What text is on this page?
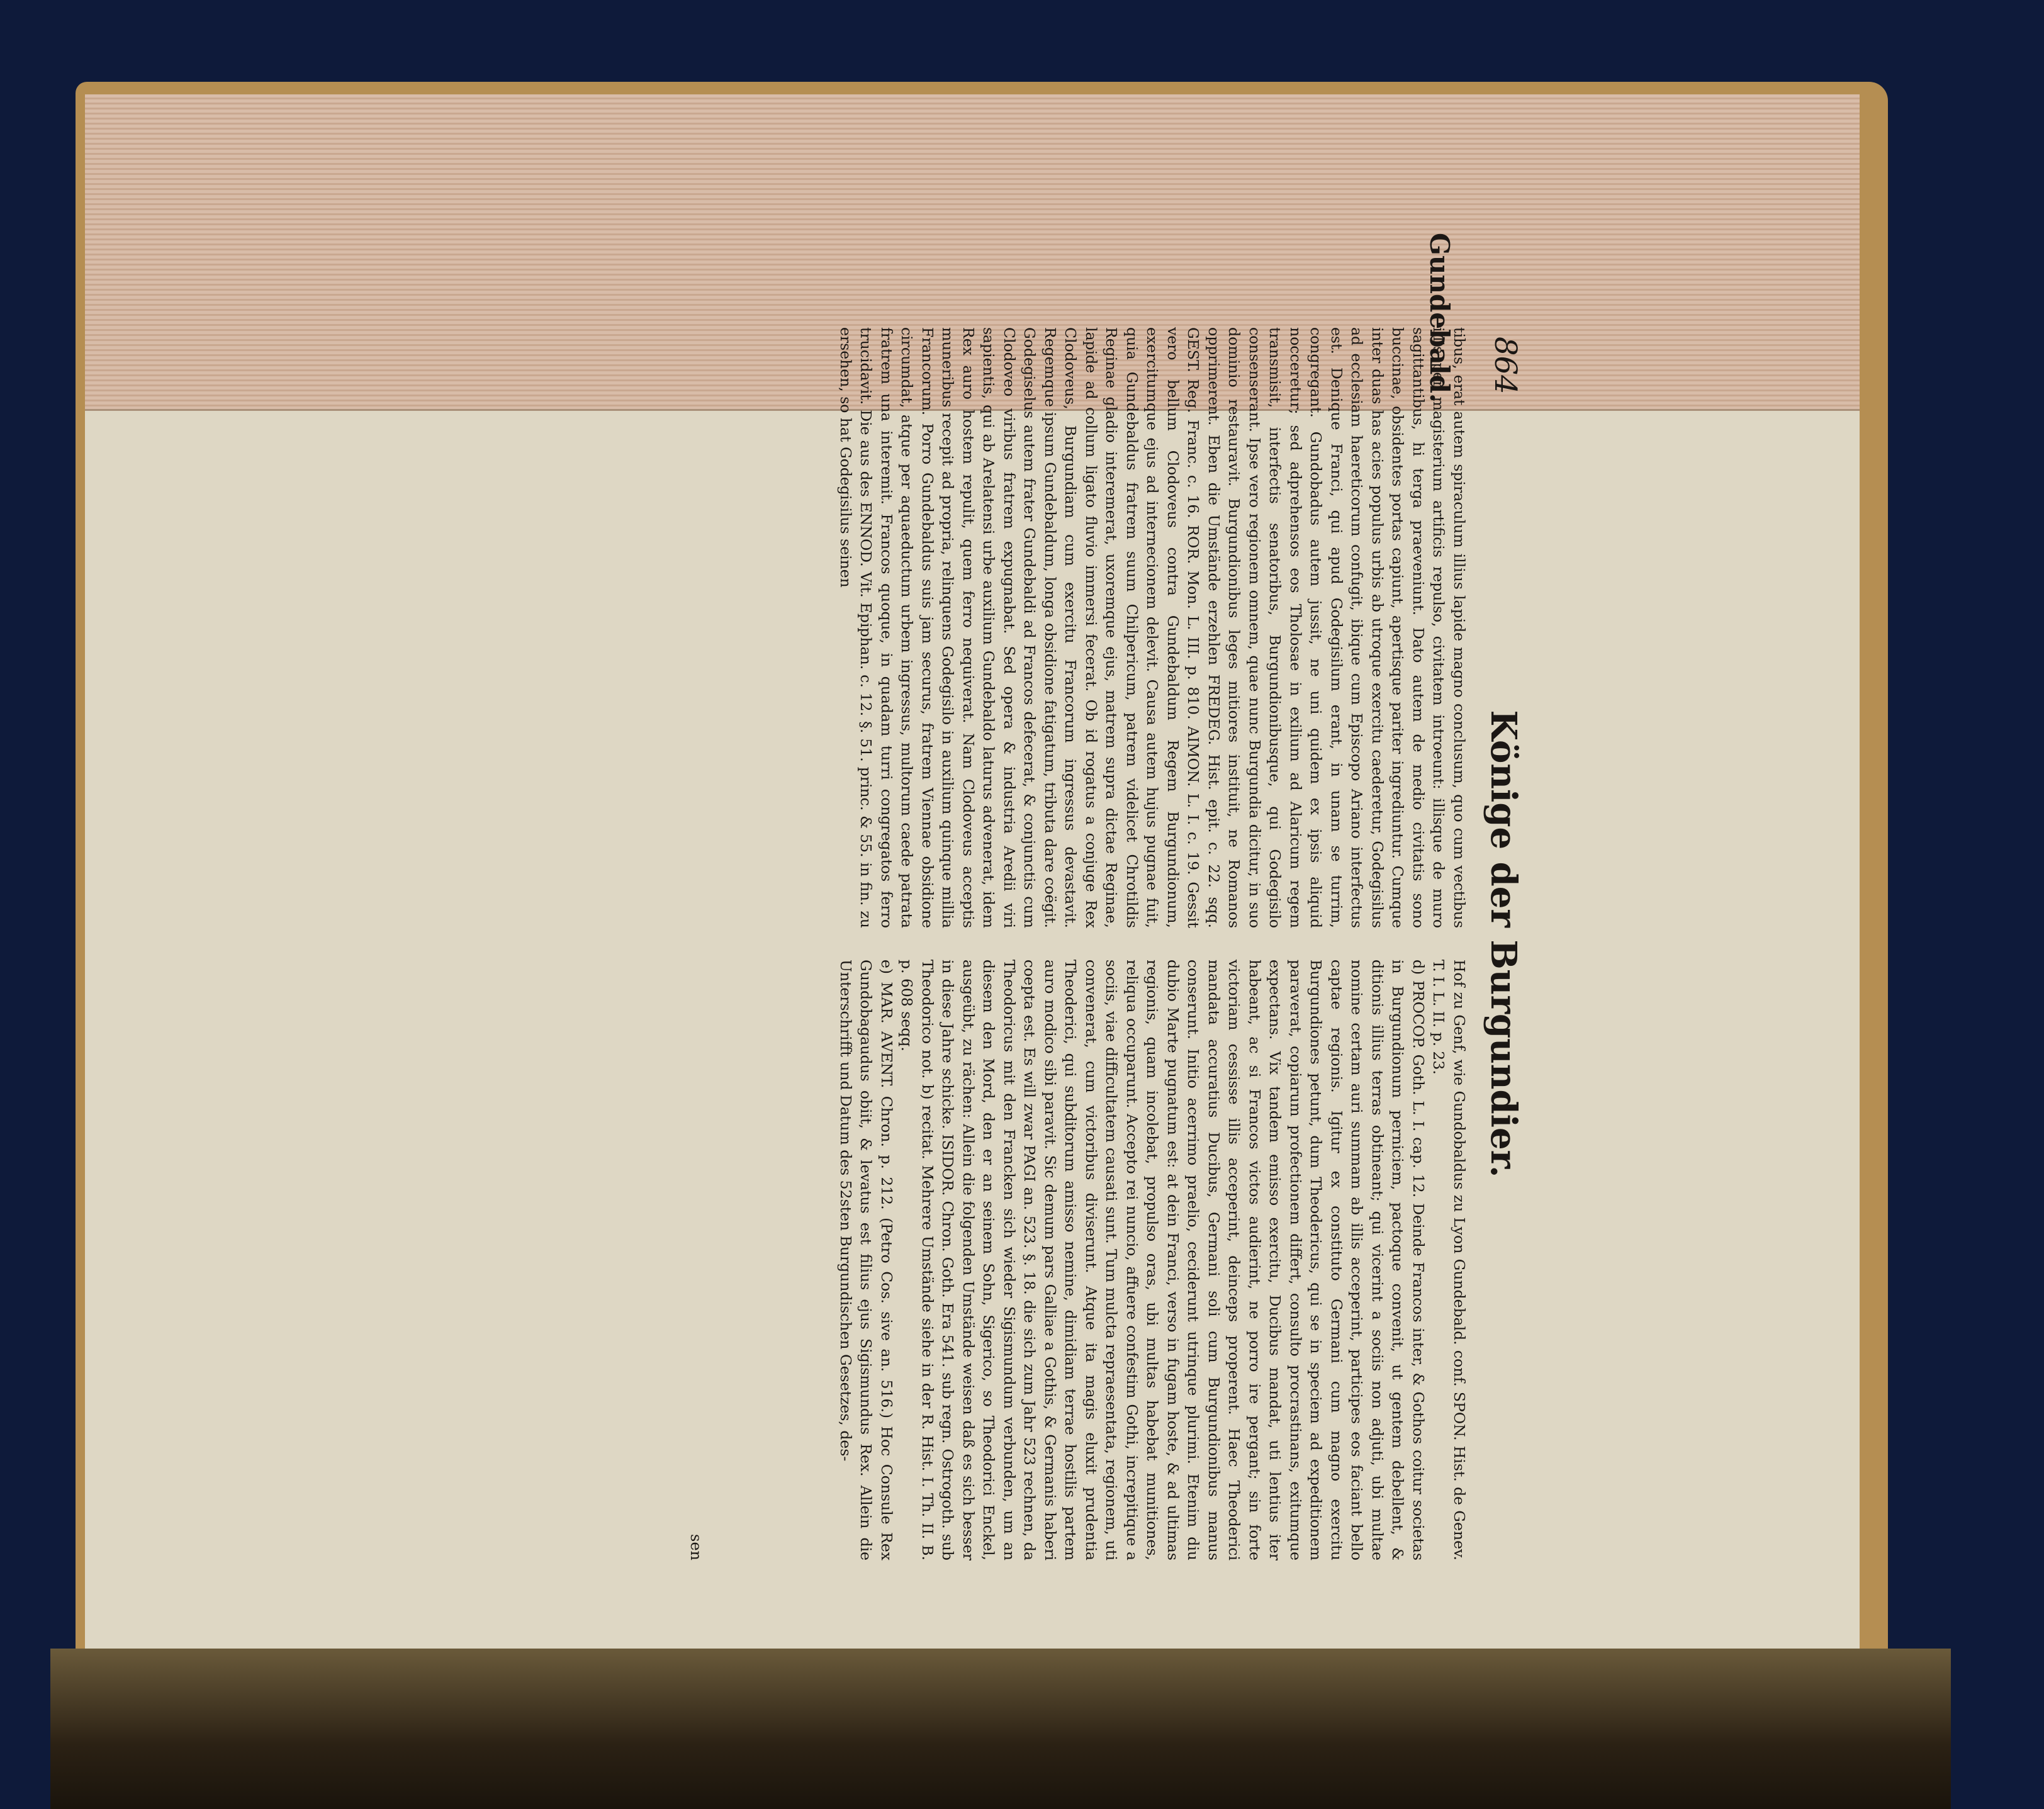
864
Könige der Burgundier.
Gundebald.

tibus, erat autem spiraculum illius lapide magno conclusum, quo cum vectibus illis per magisterium artificis repulso, civitatem introeunt: illisque de muro sagittantibus, hi terga praeveniunt. Dato autem de medio civitatis sono buccinae, obsidentes portas capiunt, apertisque pariter ingrediuntur. Cumque inter duas has acies populus urbis ab utroque exercitu caederetur, Godegisilus ad ecclesiam haereticorum confugit, ibique cum Episcopo Ariano interfectus est. Denique Franci, qui apud Godegisilum erant, in unam se turrim, congregant. Gundobadus autem jussit, ne uni quidem ex ipsis aliquid nocceretur; sed adprehensos eos Tholosae in exilium ad Alaricum regem transmisit, interfectis senatoribus, Burgundionibusque, qui Godegisilo consenserant. Ipse vero regionem omnem, quae nunc Burgundia dicitur, in suo dominio restauravit. Burgundionibus leges mitiores instituit, ne Romanos opprimerent. Eben die Umstände erzehlen FREDEG. Hist. epit. c. 22. sqq. GEST. Reg. Franc. c. 16. ROR. Mon. L. III. p. 810. AIMON. L. I. c. 19. Gessit vero bellum Clodoveus contra Gundebaldum Regem Burgundionum, exercitumque ejus ad internecionem delevit. Causa autem hujus pugnae fuit, quia Gundebaldus fratrem suum Chilpericum, patrem videlicet Chrotildis Reginae gladio interemerat, uxoremque ejus, matrem supra dictae Reginae, lapide ad collum ligato fluvio immersi fecerat. Ob id rogatus a conjuge Rex Clodoveus, Burgundiam cum exercitu Francorum ingressus devastavit. Regemque ipsum Gundebaldum, longa obsidione fatigatum, tributa dare coëgit. Godegiselus autem frater Gundebaldi ad Francos defecerat, & conjunctis cum Clodoveo viribus fratrem expugnabat. Sed opera & industria Aredii viri sapientis, qui ab Arelatensi urbe auxilium Gundebaldo laturus advenerat, idem Rex auro hostem repulit, quem ferro nequiverat. Nam Clodoveus acceptis muneribus recepit ad propria, relinquens Godegisilo in auxilium quinque millia Francorum. Porro Gundebaldus suis jam securus, fratrem Viennae obsidione circumdat, atque per aquaeductum urbem ingressus, multorum caede patrata fratrem una interemit. Francos quoque, in quadam turri congregatos ferro trucidavit. Die aus des ENNOD. Vit. Epiphan. c. 12. §. 51. princ. & 55. in fin. zu ersehen, so hat Godegisilus seinen

Hof zu Genf, wie Gundobaldus zu Lyon Gundebald. conf. SPON. Hist. de Genev. T. I. L. II. p. 23.

d) PROCOP. Goth. L. I. cap. 12. Deinde Francos inter, & Gothos coitur societas in Burgundionum perniciem, pactoque convenit, ut gentem debellent, & ditionis illius terras obtineant; qui vicerint a sociis non adjuti, ubi multae nomine certam auri summam ab illis acceperint, participes eos faciant bello captae regionis. Igitur ex constituto Germani cum magno exercitu Burgundiones petunt, dum Theodericus, qui se in speciem ad expeditionem paraverat, copiarum profectionem differt, consulto procrastinans, exitumque expectans. Vix tandem emisso exercitu, Ducibus mandat, uti lentius iter habeant, ac si Francos victos audierint, ne porro ire pergant; sin forte victoriam cessisse illis acceperint, deinceps properent. Haec Theoderici mandata accuratius Ducibus, Germani soli cum Burgundionibus manus conserunt. Initio acerrimo praelio, ceciderunt utrinque plurimi. Etenim diu dubio Marte pugnatum est: at dein Franci, verso in fugam hoste, & ad ultimas regionis, quam incolebat, propulso oras, ubi multas habebat munitiones, reliqua occuparunt. Accepto rei nuncio, affuere confestim Gothi, increpitique a sociis, viae difficultatem causati sunt. Tum mulcta repraesentata, regionem, uti convenerat, cum victoribus diviserunt. Atque ita magis eluxit prudentia Theoderici, qui subditorum amisso nemine, dimidiam terrae hostilis partem auro modico sibi paravit. Sic demum pars Galliae a Gothis, & Germanis haberi coepta est. Es will zwar PAGI an. 523. §. 18. die sich zum Jahr 523 rechnen, da Theodoricus mit den Francken sich wieder Sigismundum verbunden, um an diesem den Mord, den er an seinem Sohn, Sigerico, so Theodorici Enckel, ausgeübt, zu rächen: Allein die folgenden Umstände weisen daß es sich besser in diese Jahre schicke. ISIDOR. Chron. Goth. Era 541. sub regn. Ostrogoth. sub Theodorico not. b) recitat. Mehrere Umstände siehe in der R. Hist. I. Th. II. B. p. 608 seqq.

e) MAR. AVENT. Chron. p. 212. (Petro Cos. sive an. 516.) Hoc Consule Rex Gundobagaudus obiit, & levatus est filius ejus Sigismundus Rex. Allein die Unterschrifft und Datum des 52sten Burgundischen Gesetzes, des-

sen
